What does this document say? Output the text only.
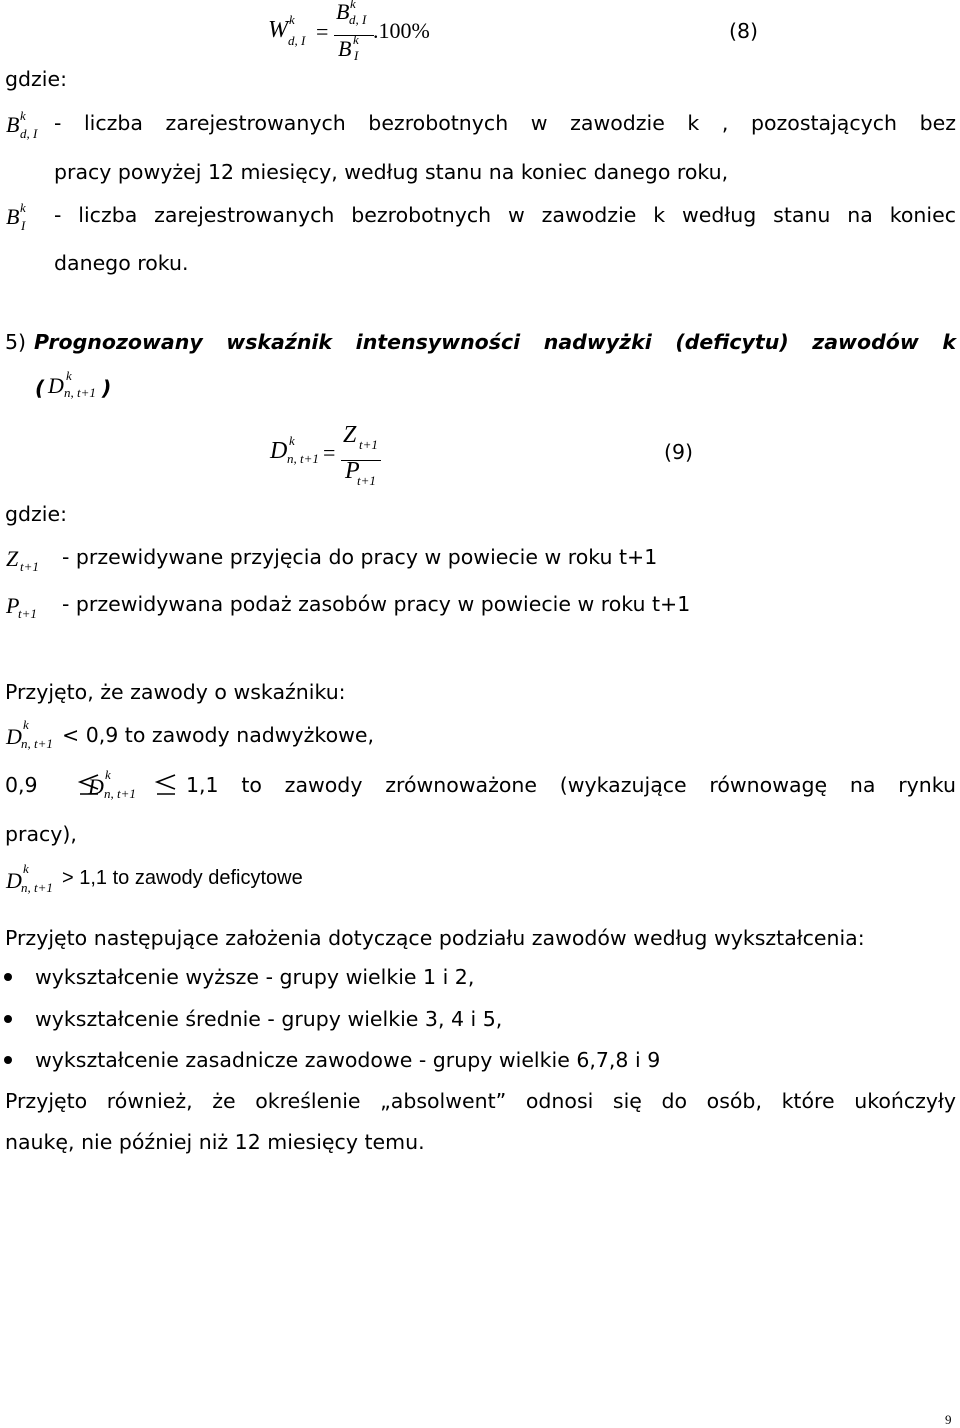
W k
d, I =
B k
d, I
B k
I
.100%	(8)
gdzie:
B k
d, I - liczba zarejestrowanych bezrobotnych w zawodzie k , pozostających bez
pracy powyżej 12 miesięcy, według stanu na koniec danego roku,
B k
I - liczba zarejestrowanych bezrobotnych w zawodzie k według stanu na koniec
danego roku.
5) Prognozowany wskaźnik intensywności nadwyżki (deficytu) zawodów k
( D k
n, t+1 )
D k
n, t+1 =
Z t+1
P
t+1
(9)
gdzie:
Z t+1 - przewidywane przyjęcia do pracy w powiecie w roku t+1
P
t+1 - przewidywana podaż zasobów pracy w powiecie w roku t+1
Przyjęto, że zawody o wskaźniku:
D k
n, t+1 < 0,9 to zawody nadwyżkowe,
0,9 D k
n, t+1 1,1 to zawody zrównoważone (wykazujące równowagę na rynku
pracy),
D k
n, t+1 > 1,1 to zawody deficytowe
Przyjęto następujące założenia dotyczące podziału zawodów według wykształcenia:
wykształcenie wyższe - grupy wielkie 1 i 2,
wykształcenie średnie - grupy wielkie 3, 4 i 5,
wykształcenie zasadnicze zawodowe - grupy wielkie 6,7,8 i 9
Przyjęto również, że określenie „absolwent” odnosi się do osób, które ukończyły
naukę, nie później niż 12 miesięcy temu.
9
